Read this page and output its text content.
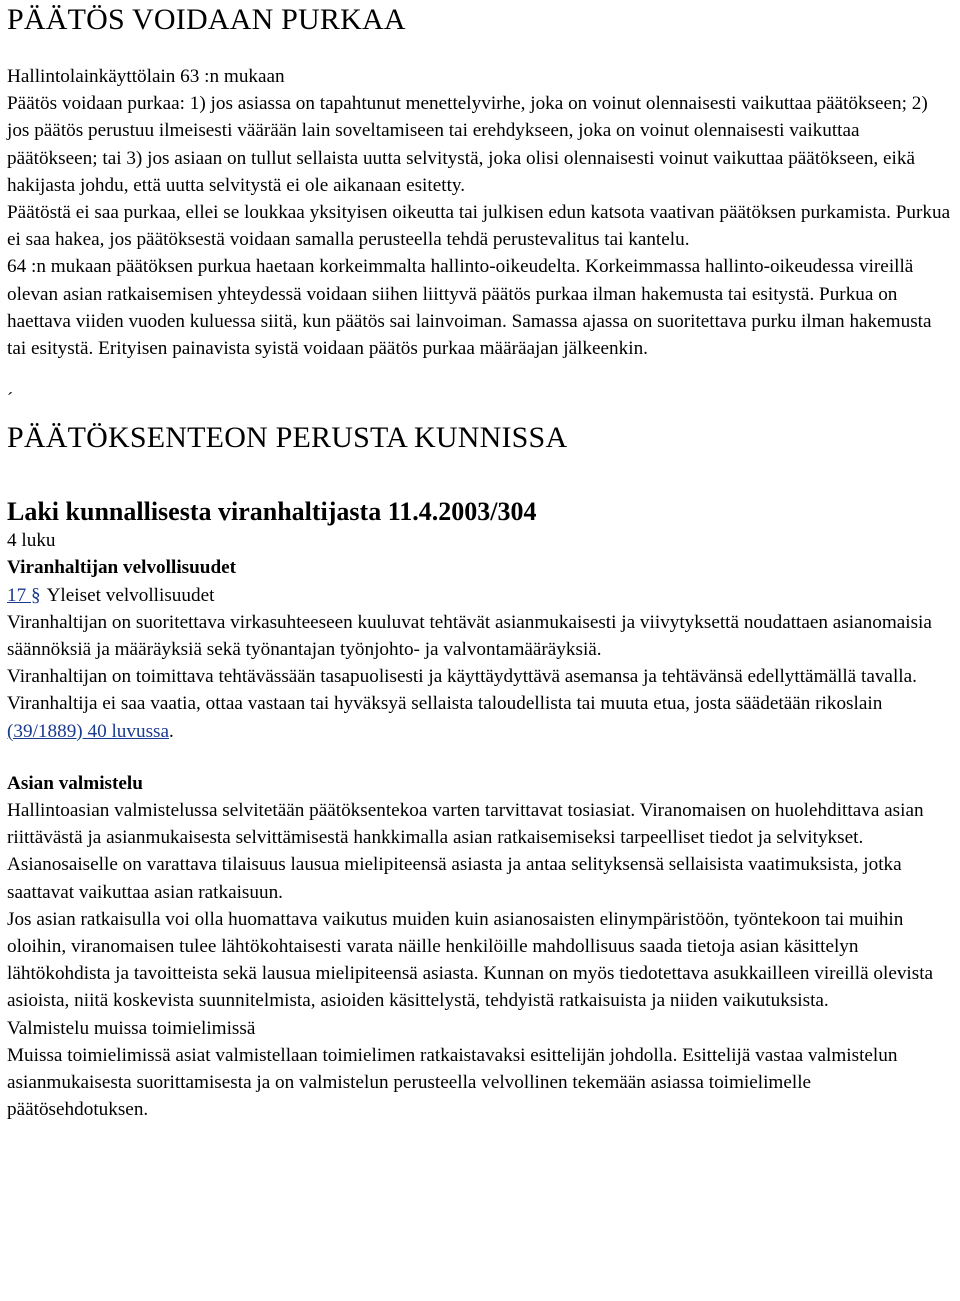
PÄÄTÖS VOIDAAN PURKAA

Hallintolainkäyttölain 63 :n mukaan

Päätös voidaan purkaa: 1) jos asiassa on tapahtunut menettelyvirhe, joka on voinut olennaisesti vaikuttaa päätökseen; 2) jos päätös perustuu ilmeisesti väärään lain soveltamiseen tai erehdykseen, joka on voinut olennaisesti vaikuttaa päätökseen; tai 3) jos asiaan on tullut sellaista uutta selvitystä, joka olisi olennaisesti voinut vaikuttaa päätökseen, eikä hakijasta johdu, että uutta selvitystä ei ole aikanaan esitetty.

Päätöstä ei saa purkaa, ellei se loukkaa yksityisen oikeutta tai julkisen edun katsota vaativan päätöksen purkamista. Purkua ei saa hakea, jos päätöksestä voidaan samalla perusteella tehdä perustevalitus tai kantelu.

64 :n mukaan päätöksen purkua haetaan korkeimmalta hallinto-oikeudelta. Korkeimmassa hallinto-oikeudessa vireillä olevan asian ratkaisemisen yhteydessä voidaan siihen liittyvä päätös purkaa ilman hakemusta tai esitystä. Purkua on haettava viiden vuoden kuluessa siitä, kun päätös sai lainvoiman. Samassa ajassa on suoritettava purku ilman hakemusta tai esitystä. Erityisen painavista syistä voidaan päätös purkaa määräajan jälkeenkin.

´
PÄÄTÖKSENTEON PERUSTA KUNNISSA
Laki kunnallisesta viranhaltijasta 11.4.2003/304

4 luku

Viranhaltijan velvollisuudet

17 § Yleiset velvollisuudet

Viranhaltijan on suoritettava virkasuhteeseen kuuluvat tehtävät asianmukaisesti ja viivytyksettä noudattaen asianomaisia säännöksiä ja määräyksiä sekä työnantajan työnjohto- ja valvontamääräyksiä.

Viranhaltijan on toimittava tehtävässään tasapuolisesti ja käyttäydyttävä asemansa ja tehtävänsä edellyttämällä tavalla.

Viranhaltija ei saa vaatia, ottaa vastaan tai hyväksyä sellaista taloudellista tai muuta etua, josta säädetään rikoslain (39/1889) 40 luvussa.

Asian valmistelu

Hallintoasian valmistelussa selvitetään päätöksentekoa varten tarvittavat tosiasiat. Viranomaisen on huolehdittava asian riittävästä ja asianmukaisesta selvittämisestä hankkimalla asian ratkaisemiseksi tarpeelliset tiedot ja selvitykset. Asianosaiselle on varattava tilaisuus lausua mielipiteensä asiasta ja antaa selityksensä sellaisista vaatimuksista, jotka saattavat vaikuttaa asian ratkaisuun.

Jos asian ratkaisulla voi olla huomattava vaikutus muiden kuin asianosaisten elinympäristöön, työntekoon tai muihin oloihin, viranomaisen tulee lähtökohtaisesti varata näille henkilöille mahdollisuus saada tietoja asian käsittelyn lähtökohdista ja tavoitteista sekä lausua mielipiteensä asiasta. Kunnan on myös tiedotettava asukkailleen vireillä olevista asioista, niitä koskevista suunnitelmista, asioiden käsittelystä, tehdyistä ratkaisuista ja niiden vaikutuksista.

Valmistelu muissa toimielimissä

Muissa toimielimissä asiat valmistellaan toimielimen ratkaistavaksi esittelijän johdolla. Esittelijä vastaa valmistelun asianmukaisesta suorittamisesta ja on valmistelun perusteella velvollinen tekemään asiassa toimielimelle päätösehdotuksen.
